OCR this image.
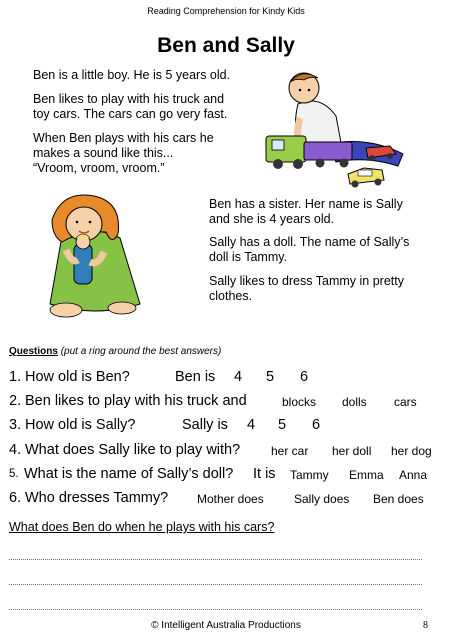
Reading Comprehension for Kindy Kids
Ben and Sally
Ben is a little boy. He is 5 years old.
Ben likes to play with his truck and
toy cars. The cars can go very fast.
When Ben plays with his cars he
makes a sound like this...
“Vroom, vroom, vroom.”
Ben has a sister. Her name is Sally
and she is 4 years old.
Sally has a doll. The name of Sally’s
doll is Tammy.
Sally likes to dress Tammy in pretty
clothes.
Questions (put a ring around the best answers)
1. How old is Ben?	Ben is 4 5 6
2. Ben likes to play with his truck and	blocks dolls cars
3. How old is Sally?	Sally is 4 5 6
4. What does Sally like to play with?	her car her doll her dog
5. What is the name of Sally’s doll? It is Tammy Emma Anna
6. Who dresses Tammy? Mother does	Sally does Ben does
What does Ben do when he plays with his cars?
© Intelligent Australia Productions	8
